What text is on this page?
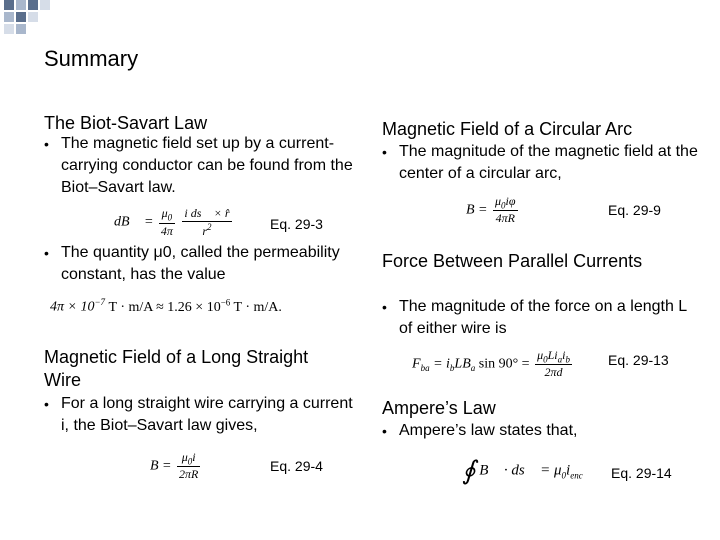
Summary
The Biot-Savart Law
• The magnetic field set up by a current- carrying conductor can be found from the Biot–Savart law.
dB⃗ = $\frac{\mu_0}{4\pi}$
$\frac{\text{i ds⃗ × r̂}}{r^2}$	Eq. 29-3
• The quantity μ0, called the permeability constant, has the value
$4\pi \times 10^{-7}$ $T \cdot m/A \approx 1.26 \times 10^{-6}$ T · m/A.
Magnetic Field of a Long Straight Wire
• For a long straight wire carrying a current i, the Biot–Savart law gives,
$B = \frac{\mu_0i}{2\pi R}$	Eq. 29-4
Magnetic Field of a Circular Arc
• The magnitude of the magnetic field at the center of a circular arc,
$B = \frac{\mu_0i\varphi}{4\pi R}$	Eq. 29-9
Force Between Parallel Currents
• The magnitude of the force on a length L of either wire is
$F_{ba} = i_bLB_a$ $\sin 90^\circ = \frac{\mu_0Li_ai_b}{2\pi d}$	Eq. 29-13
Ampere’s Law
• Ampere’s law states that,
∮ B⃗ · ds⃗ = $\mu_0i_{enc}$ Eq. 29-14
